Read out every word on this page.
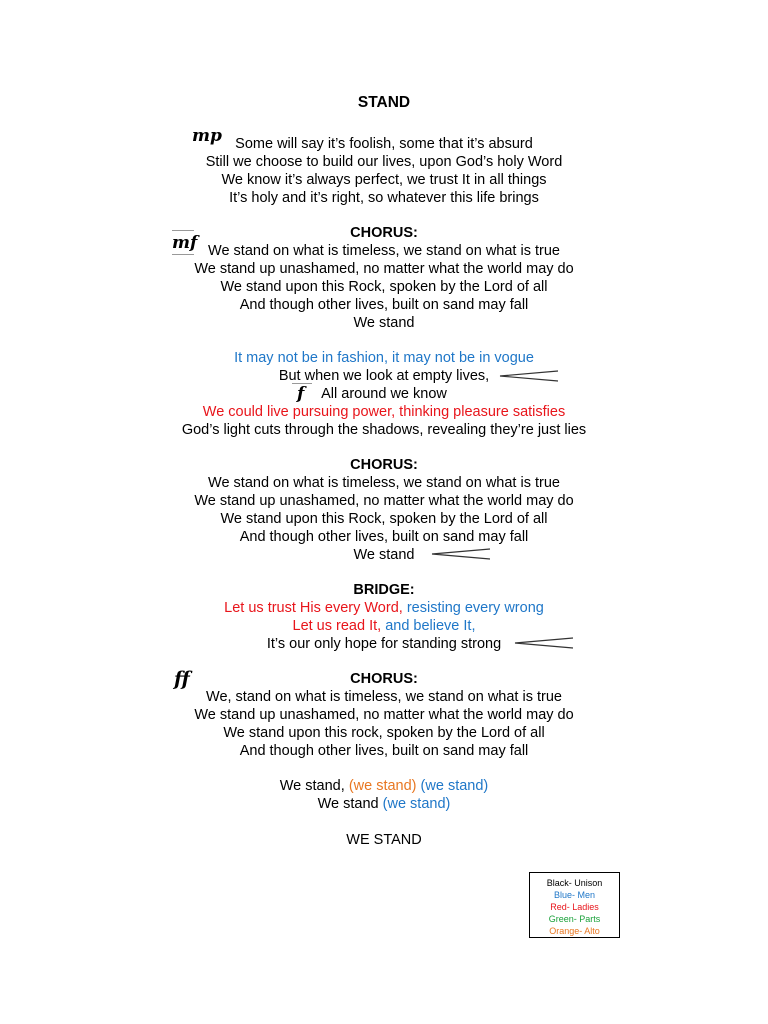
STAND
mp Some will say it’s foolish, some that it’s absurd
Still we choose to build our lives, upon God’s holy Word
We know it’s always perfect, we trust It in all things
It’s holy and it’s right, so whatever this life brings
CHORUS:
mf We stand on what is timeless, we stand on what is true
We stand up unashamed, no matter what the world may do
We stand upon this Rock, spoken by the Lord of all
And though other lives, built on sand may fall
We stand
It may not be in fashion, it may not be in vogue
But when we look at empty lives,
f	All around we know
We could live pursuing power, thinking pleasure satisfies
God’s light cuts through the shadows, revealing they’re just lies
CHORUS:
We stand on what is timeless, we stand on what is true
We stand up unashamed, no matter what the world may do
We stand upon this Rock, spoken by the Lord of all
And though other lives, built on sand may fall
We stand
BRIDGE:
Let us trust His every Word, resisting every wrong
Let us read It, and believe It,
It’s our only hope for standing strong
ff	CHORUS:
We, stand on what is timeless, we stand on what is true
We stand up unashamed, no matter what the world may do
We stand upon this rock, spoken by the Lord of all
And though other lives, built on sand may fall
We stand, (we stand) (we stand)
We stand (we stand)
WE STAND
Black- Unison
Blue- Men
Red- Ladies
Green- Parts
Orange- Alto
